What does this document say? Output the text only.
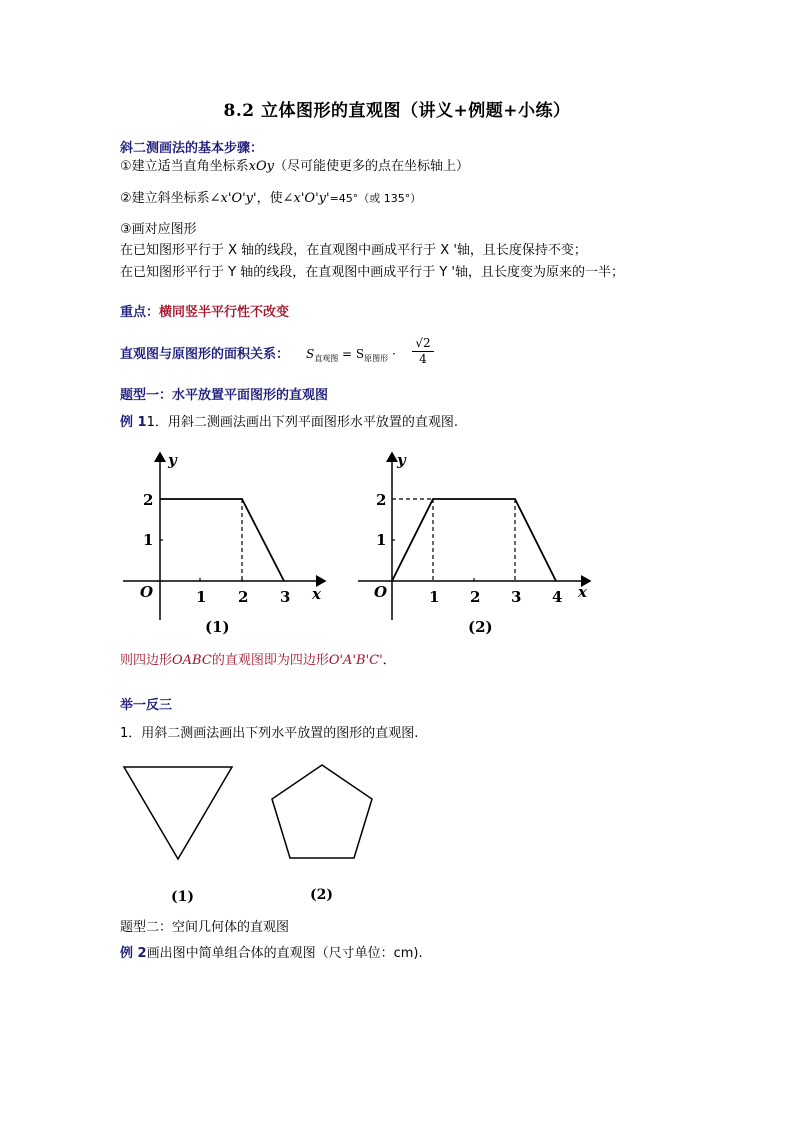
8.2 立体图形的直观图（讲义+例题+小练）
斜二测画法的基本步骤：
①建立适当直角坐标系xOy（尽可能使更多的点在坐标轴上）
②建立斜坐标系∠x'O'y'，使∠x'O'y'=45°（或 135°）
③画对应图形
在已知图形平行于 X 轴的线段，在直观图中画成平行于 X '轴，且长度保持不变；
在已知图形平行于 Y 轴的线段，在直观图中画成平行于 Y '轴，且长度变为原来的一半；
重点：横同竖半平行性不改变
直观图与原图形的面积关系： $S_{直观图} = S_{原图形} \cdot \frac{√2}{4}$
题型一：水平放置平面图形的直观图
例 11．用斜二测画法画出下列平面图形水平放置的直观图.
y
x
O	1 2 3
1
2
(1)
y
x
O	1 2 3 4
1
2
(2)
则四边形OABC的直观图即为四边形O'A'B'C'．
举一反三
1．用斜二测画法画出下列水平放置的图形的直观图.
(1)	(2)
题型二：空间几何体的直观图
例 2画出图中简单组合体的直观图（尺寸单位：cm).
